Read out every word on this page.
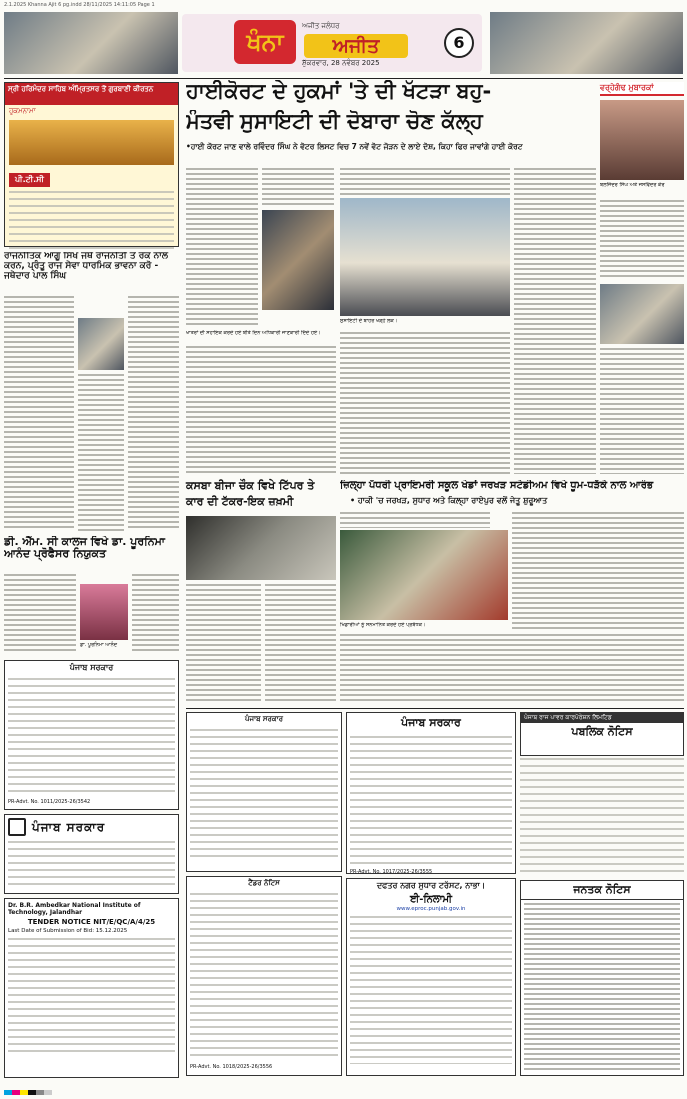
2.1.2025 Khanna Ajit 6 pg.indd 28/11/2025 14:11:05 Page 1
ਖੰਨਾ
ਅਜੀਤ ਜਲੰਧਰ
ਅਜੀਤ
ਸ਼ੁੱਕਰਵਾਰ, 28 ਨਵੰਬਰ 2025
6
ਸ੍ਰੀ ਹਰਿਮੰਦਰ ਸਾਹਿਬ ਅੰਮ੍ਰਿਤਸਰ ਤੋਂ ਗੁਰਬਾਣੀ ਕੀਰਤਨ
ਹੁਕਮਨਾਮਾ
ਪੀ.ਟੀ.ਸੀ
ਰਾਜਨੀਤਿਕ ਆਗੂ ਸਿੱਖ ਜਥੇ ਰਾਜਨੀਤੀ ਤੋਂ ਰੋਕ ਨਾਲ ਕਰਨ, ਪ੍ਰੰਤੂ ਰਾਜ ਸੇਵਾ ਧਾਰਮਿਕ ਭਾਵਨਾ ਕਰੋ - ਜਥੇਦਾਰ ਪਾਲ ਸਿੰਘ
ਡੀ. ਐੱਮ. ਸੀ ਕਾਲਜ ਵਿਖੇ ਡਾ. ਪੂਰਨਿਮਾ ਆਨੰਦ ਪ੍ਰੋਫੈਸਰ ਨਿਯੁਕਤ
ਡਾ. ਪੂਰਨਿਮਾ ਆਨੰਦ
ਪੰਜਾਬ ਸਰਕਾਰ
PR-Advt. No. 1011/2025-26/3542
ਪੰਜਾਬ ਸਰਕਾਰ
Dr. B.R. Ambedkar National Institute of Technology, Jalandhar
TENDER NOTICE NIT/E/QC/A/4/25
Last Date of Submission of Bid: 15.12.2025
ਹਾਈਕੋਰਟ ਦੇ ਹੁਕਮਾਂ 'ਤੇ ਦੀ ਖੱਟੜਾ ਬਹੁ-
ਮੰਤਵੀ ਸੁਸਾਇਟੀ ਦੀ ਦੋਬਾਰਾ ਚੋਣ ਕੱਲ੍ਹ
•ਹਾਈ ਕੋਰਟ ਜਾਣ ਵਾਲੇ ਰਵਿੰਦਰ ਸਿੰਘ ਨੇ ਵੋਟਰ ਲਿਸਟ ਵਿਚ 7 ਨਵੇਂ ਵੋਟ ਜੋੜਨ ਦੇ ਲਾਏ ਦੋਸ਼, ਕਿਹਾ ਫਿਰ ਜਾਵਾਂਗੇ ਹਾਈ ਕੋਰਟ
ਖਾਤਰਾਂ ਦੀ ਸਹਾਇਕ ਕਰਦੇ ਹੋਏ ਬੀਤੇ ਦਿਨ ਅਧਿਕਾਰੀ ਜਾਣਕਾਰੀ ਦਿੰਦੇ ਹੋਏ।
ਸੁਸਾਇਟੀ ਦੇ ਬਾਹਰ ਖੜ੍ਹੇ ਲੋਕ।
ਵਰ੍ਹੇਗੰਢ ਮੁਬਾਰਕਾਂ
ਬਲਜਿੰਦਰ ਸਿੰਘ ਅਤੇ ਜਸਵਿੰਦਰ ਕੌਰ
ਕਸਬਾ ਬੀਜਾ ਚੌਕ ਵਿਖੇ ਟਿੱਪਰ ਤੇ
ਕਾਰ ਦੀ ਟੱਕਰ-ਇਕ ਜ਼ਖ਼ਮੀ
ਜ਼ਿਲ੍ਹਾ ਪੱਧਰੀ ਪ੍ਰਾਇਮਰੀ ਸਕੂਲ ਖੇਡਾਂ ਜਰਖੜ ਸਟੇਡੀਅਮ ਵਿਖੇ ਧੂਮ-ਧੜੱਕੇ ਨਾਲ ਆਰੰਭ
• ਹਾਕੀ 'ਚ ਜਰਖੜ, ਸੁਧਾਰ ਅਤੇ ਕਿਲ੍ਹਾ ਰਾਏਪੁਰ ਵਲੋਂ ਜੇਤੂ ਸ਼ੁਰੂਆਤ
ਖਿਡਾਰੀਆਂ ਨੂੰ ਸਨਮਾਨਿਤ ਕਰਦੇ ਹੋਏ ਪ੍ਰਬੰਧਕ।
ਪੰਜਾਬ ਸਰਕਾਰ	ਪੰਜਾਬ ਸਰਕਾਰ
PR-Advt. No. 1017/2025-26/3555
ਪੰਜਾਬ ਰਾਜ ਪਾਵਰ ਕਾਰਪੋਰੇਸ਼ਨ ਲਿਮਟਿਡ
ਪਬਲਿਕ ਨੋਟਿਸ
ਟੈਂਡਰ ਨੋਟਿਸ
PR-Advt. No. 1018/2025-26/3556
ਦਫਤਰ ਨਗਰ ਸੁਧਾਰ ਟਰੱਸਟ, ਨਾਭਾ।
ਈ-ਨਿਲਾਮੀ
www.eproc.punjab.gov.in
ਜਨਤਕ ਨੋਟਿਸ
